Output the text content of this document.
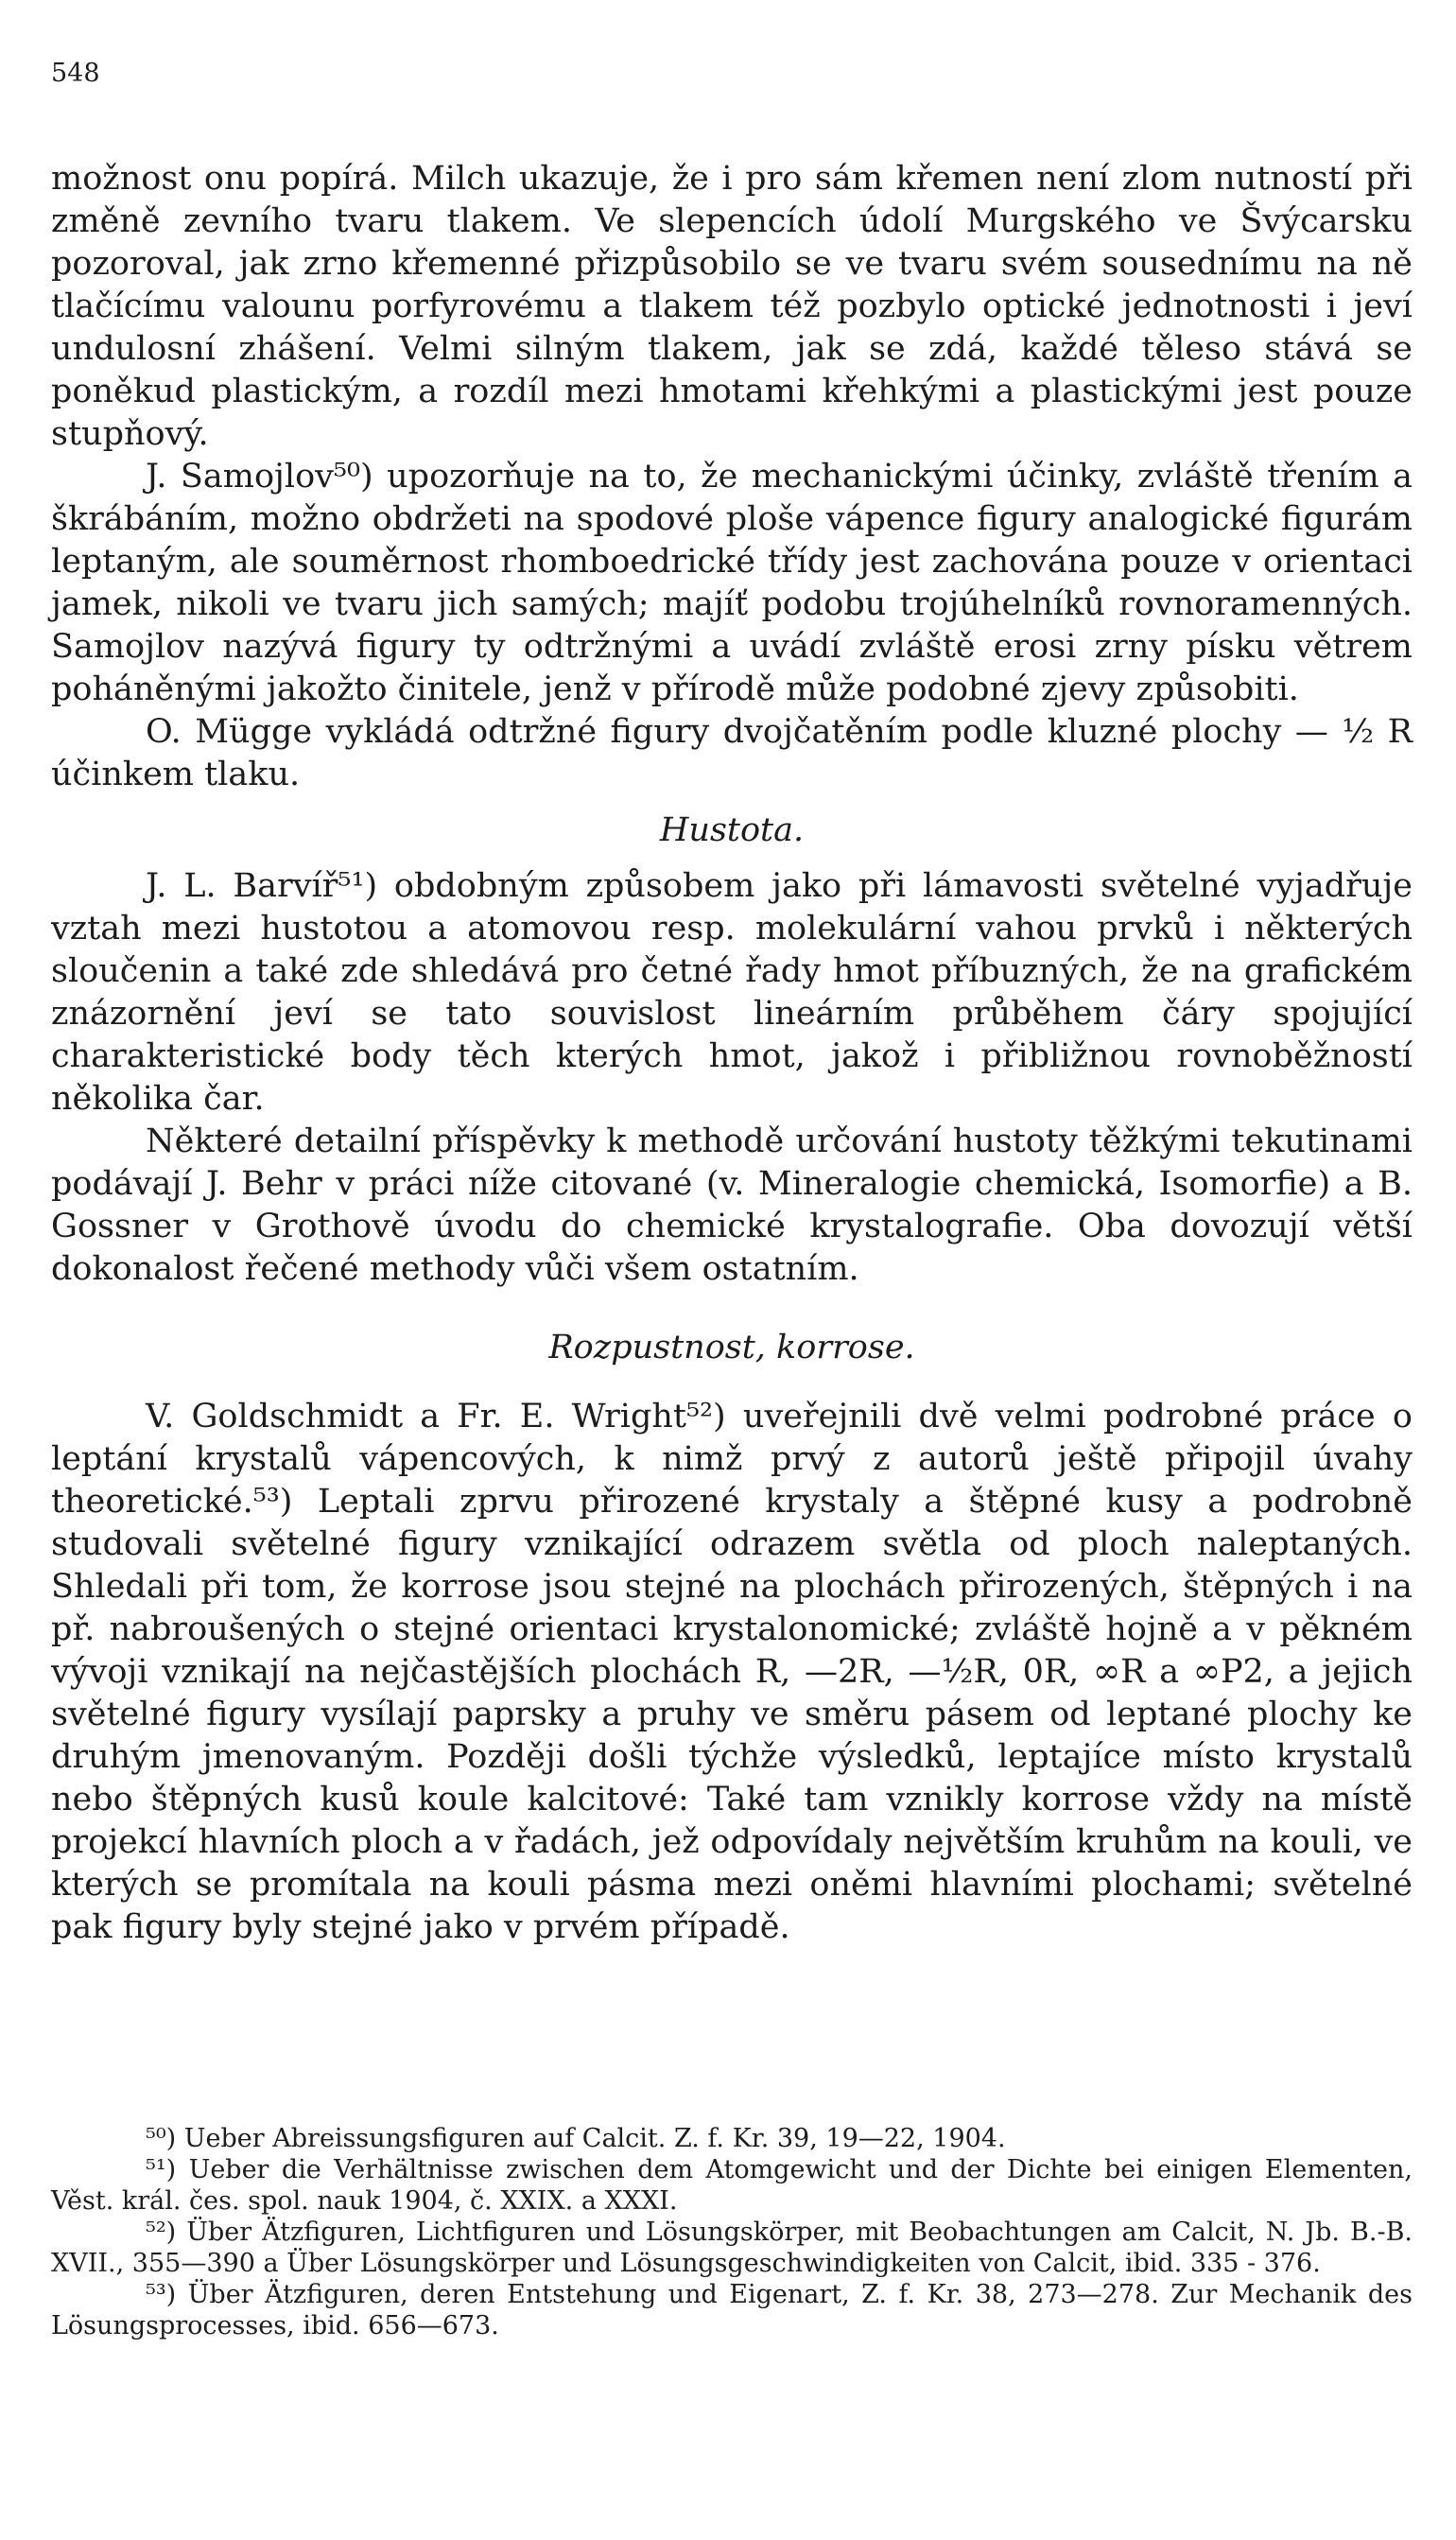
548

možnost onu popírá. Milch ukazuje, že i pro sám křemen není zlom nutností při změně zevního tvaru tlakem. Ve slepencích údolí Murgského ve Švýcarsku pozoroval, jak zrno křemenné přizpůsobilo se ve tvaru svém sousednímu na ně tlačícímu valounu porfyrovému a tlakem též pozbylo optické jednotnosti i jeví undulosní zhášení. Velmi silným tlakem, jak se zdá, každé těleso stává se poněkud plastickým, a rozdíl mezi hmotami křehkými a plastickými jest pouze stupňový.

J. Samojlov⁵⁰) upozorňuje na to, že mechanickými účinky, zvláště třením a škrábáním, možno obdržeti na spodové ploše vápence figury analogické figurám leptaným, ale souměrnost rhomboedrické třídy jest zachována pouze v orientaci jamek, nikoli ve tvaru jich samých; majíť podobu trojúhelníků rovnoramenných. Samojlov nazývá figury ty odtržnými a uvádí zvláště erosi zrny písku větrem poháněnými jakožto činitele, jenž v přírodě může podobné zjevy způsobiti.

O. Mügge vykládá odtržné figury dvojčatěním podle kluzné plochy — ½ R účinkem tlaku.

Hustota.

J. L. Barvíř⁵¹) obdobným způsobem jako při lámavosti světelné vyjadřuje vztah mezi hustotou a atomovou resp. molekulární vahou prvků i některých sloučenin a také zde shledává pro četné řady hmot příbuzných, že na grafickém znázornění jeví se tato souvislost lineárním průběhem čáry spojující charakteristické body těch kterých hmot, jakož i přibližnou rovnoběžností několika čar.

Některé detailní příspěvky k methodě určování hustoty těžkými tekutinami podávají J. Behr v práci níže citované (v. Mineralogie chemická, Isomorfie) a B. Gossner v Grothově úvodu do chemické krystalografie. Oba dovozují větší dokonalost řečené methody vůči všem ostatním.

Rozpustnost, korrose.

V. Goldschmidt a Fr. E. Wright⁵²) uveřejnili dvě velmi podrobné práce o leptání krystalů vápencových, k nimž prvý z autorů ještě připojil úvahy theoretické.⁵³) Leptali zprvu přirozené krystaly a štěpné kusy a podrobně studovali světelné figury vznikající odrazem světla od ploch naleptaných. Shledali při tom, že korrose jsou stejné na plochách přirozených, štěpných i na př. nabroušených o stejné orientaci krystalonomické; zvláště hojně a v pěkném vývoji vznikají na nejčastějších plochách R, —2R, —½R, 0R, ∞R a ∞P2, a jejich světelné figury vysílají paprsky a pruhy ve směru pásem od leptané plochy ke druhým jmenovaným. Později došli týchže výsledků, leptajíce místo krystalů nebo štěpných kusů koule kalcitové: Také tam vznikly korrose vždy na místě projekcí hlavních ploch a v řadách, jež odpovídaly největším kruhům na kouli, ve kterých se promítala na kouli pásma mezi oněmi hlavními plochami; světelné pak figury byly stejné jako v prvém případě.

⁵⁰) Ueber Abreissungsfiguren auf Calcit. Z. f. Kr. 39, 19—22, 1904.

⁵¹) Ueber die Verhältnisse zwischen dem Atomgewicht und der Dichte bei einigen Elementen, Věst. král. čes. spol. nauk 1904, č. XXIX. a XXXI.

⁵²) Über Ätzfiguren, Lichtfiguren und Lösungskörper, mit Beobachtungen am Calcit, N. Jb. B.-B. XVII., 355—390 a Über Lösungskörper und Lösungsgeschwindigkeiten von Calcit, ibid. 335 - 376.

⁵³) Über Ätzfiguren, deren Entstehung und Eigenart, Z. f. Kr. 38, 273—278. Zur Mechanik des Lösungsprocesses, ibid. 656—673.
